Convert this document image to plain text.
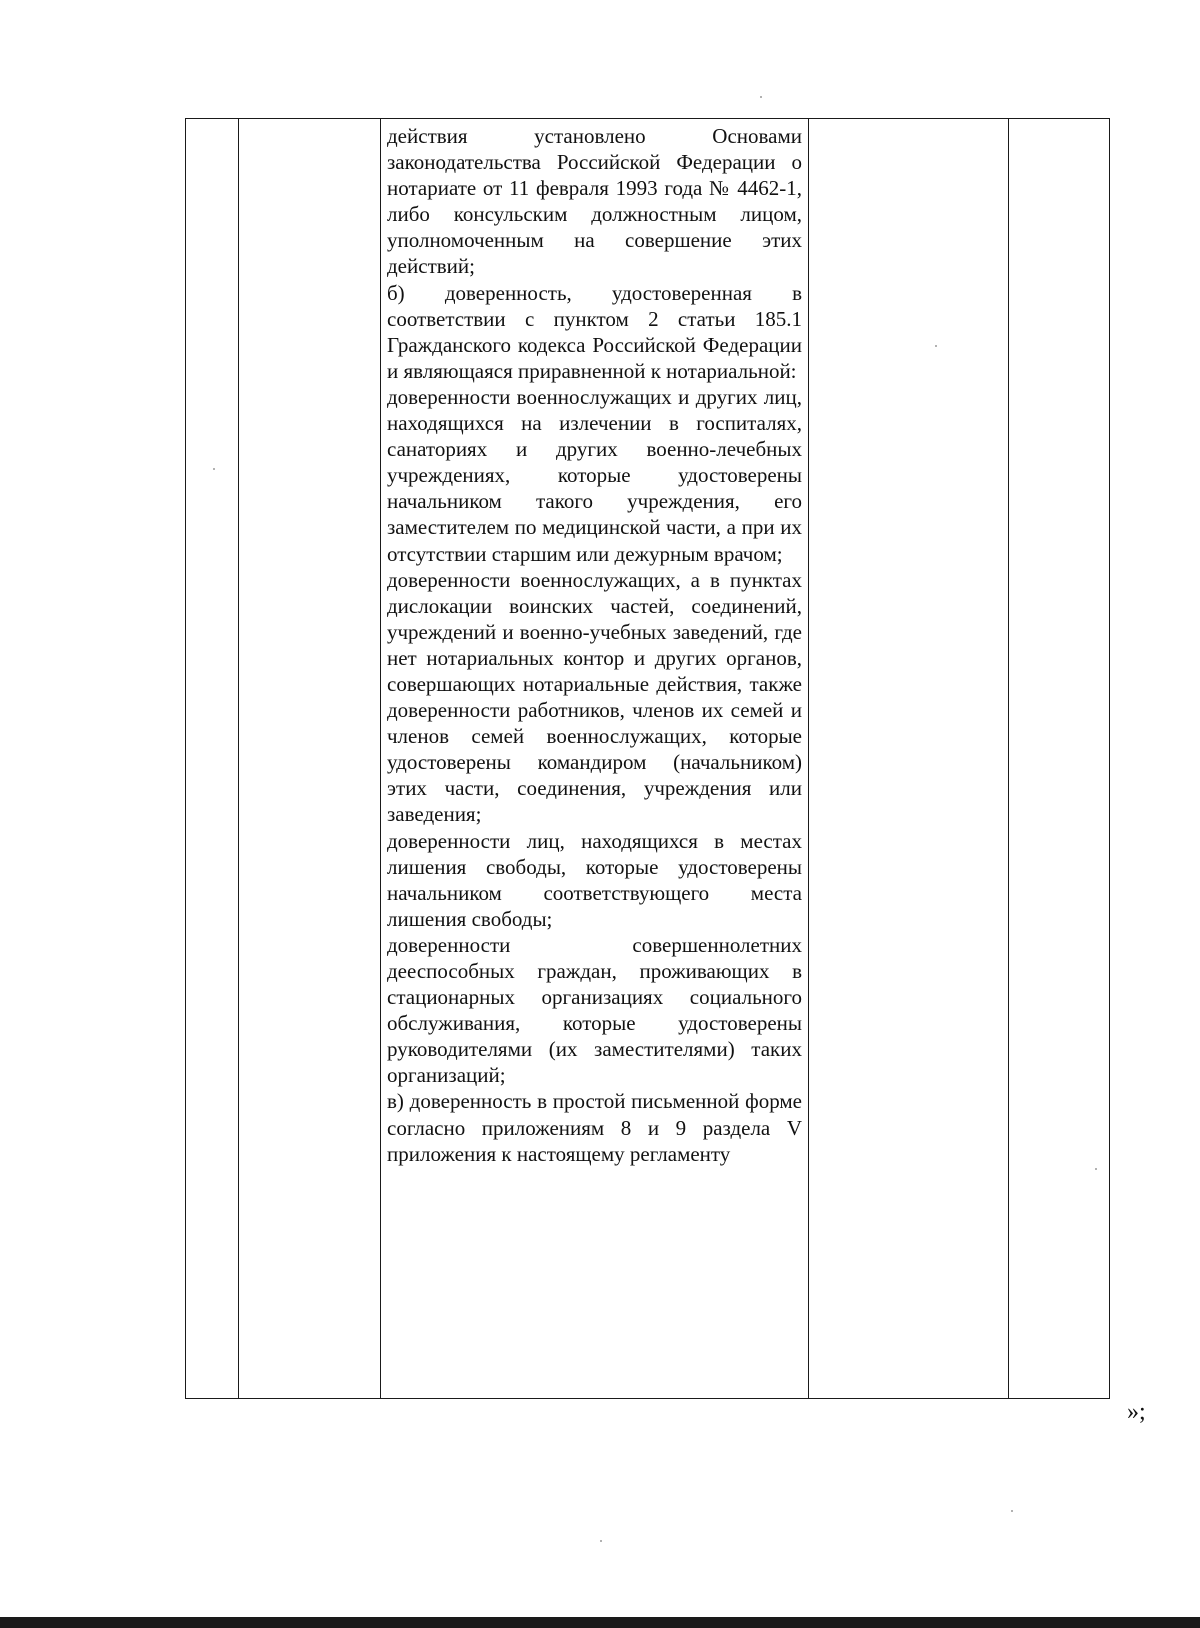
действия установлено Основами законодательства Российской Федерации о нотариате от 11 февраля 1993 года № 4462-1, либо консульским должностным лицом, уполномоченным на совершение этих действий;

б) доверенность, удостоверенная в соответствии с пунктом 2 статьи 185.1 Гражданского кодекса Российской Федерации и являющаяся приравненной к нотариальной:

доверенности военнослужащих и других лиц, находящихся на излечении в госпиталях, санаториях и других военно-лечебных учреждениях, которые удостоверены начальником такого учреждения, его заместителем по медицинской части, а при их отсутствии старшим или дежурным врачом;

доверенности военнослужащих, а в пунктах дислокации воинских частей, соединений, учреждений и военно-учебных заведений, где нет нотариальных контор и других органов, совершающих нотариальные действия, также доверенности работников, членов их семей и членов семей военнослужащих, которые удостоверены командиром (начальником) этих части, соединения, учреждения или заведения;

доверенности лиц, находящихся в местах лишения свободы, которые удостоверены начальником соответствующего места лишения свободы;

доверенности совершеннолетних дееспособных граждан, проживающих в стационарных организациях социального обслуживания, которые удостоверены руководителями (их заместителями) таких организаций;

в) доверенность в простой письменной форме согласно приложениям 8 и 9 раздела V приложения к настоящему регламенту

»;
